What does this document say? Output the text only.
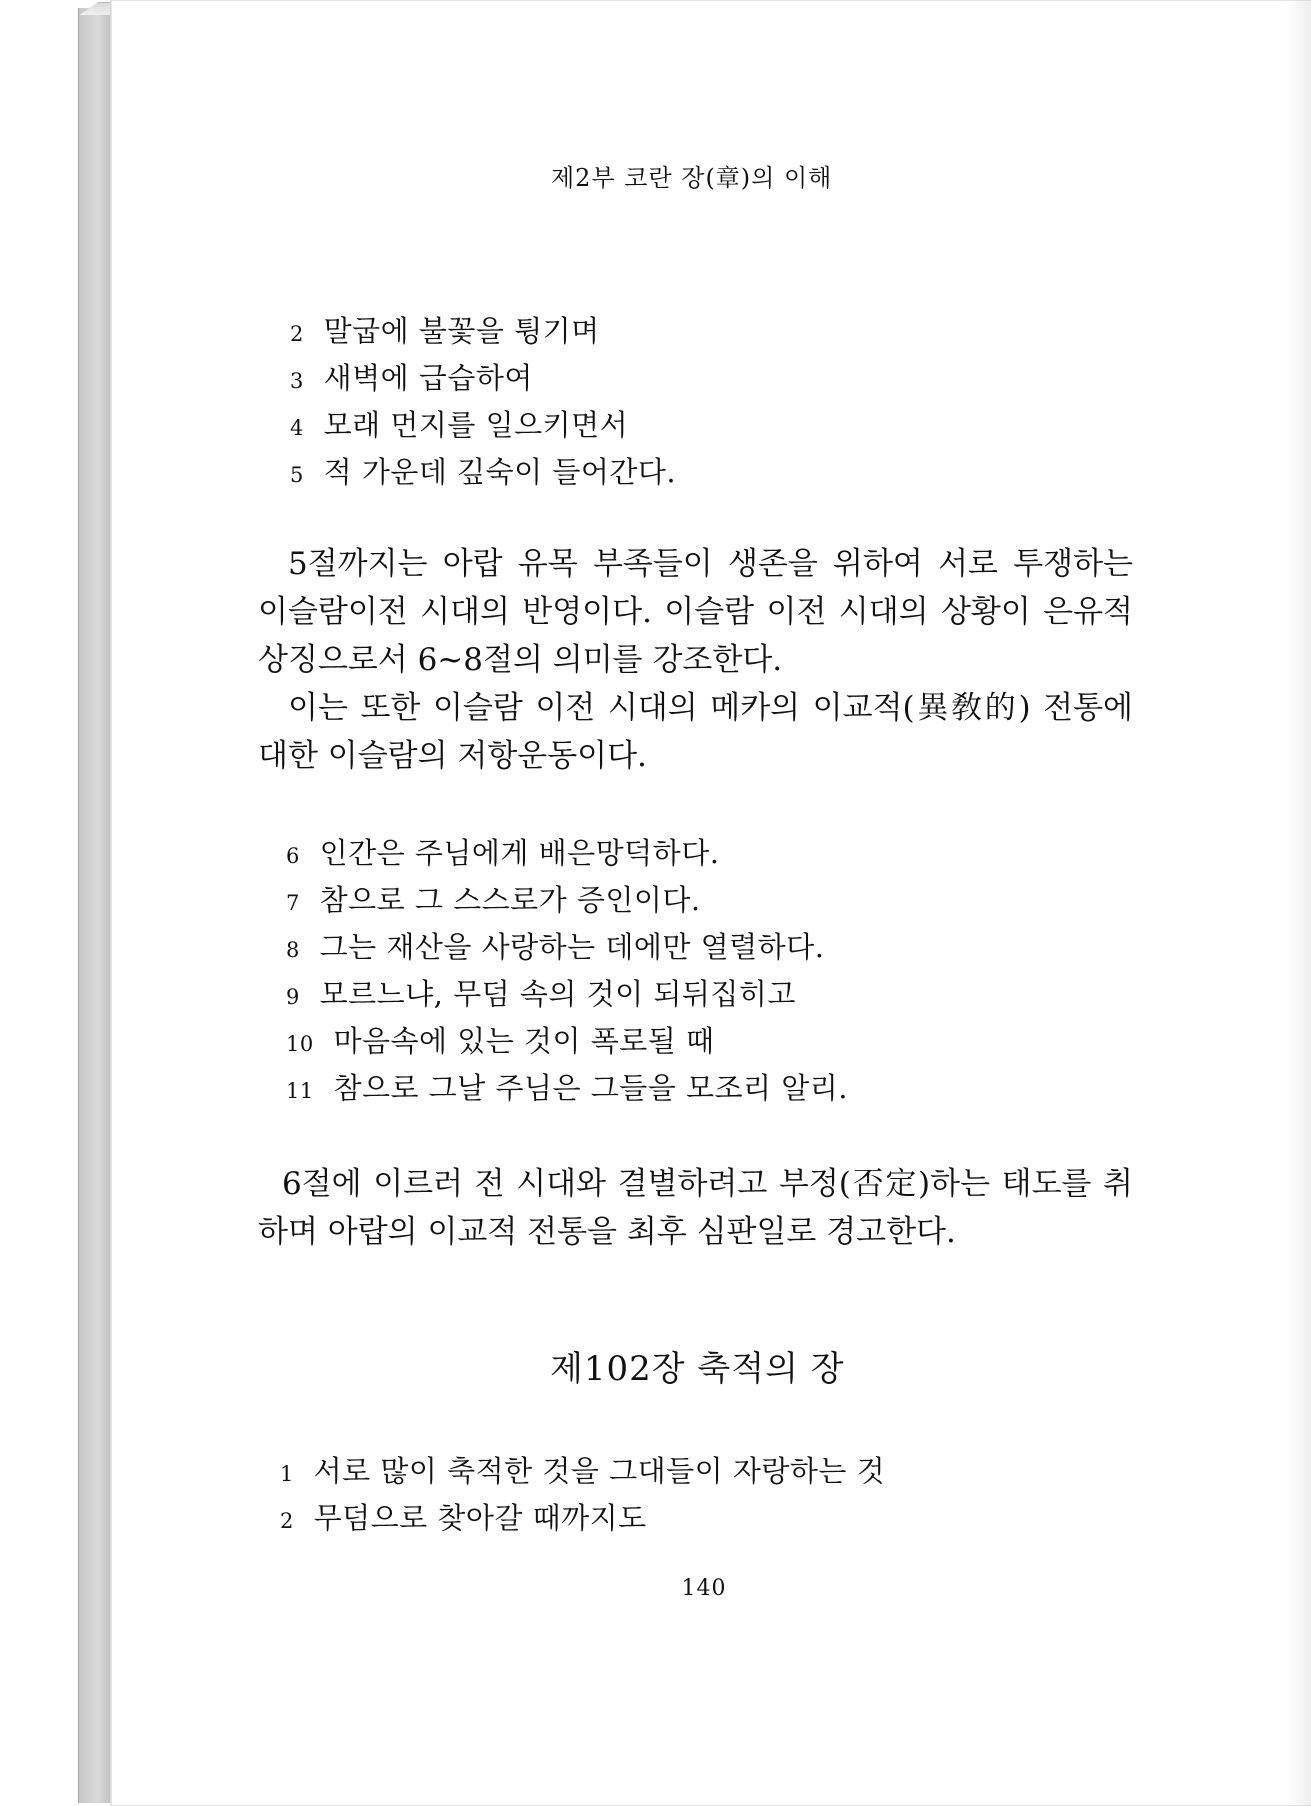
제2부 코란 장(章)의 이해
2 말굽에 불꽃을 튕기며
3 새벽에 급습하여
4 모래 먼지를 일으키면서
5 적 가운데 깊숙이 들어간다.

5절까지는 아랍 유목 부족들이 생존을 위하여 서로 투쟁하는 이슬람이전 시대의 반영이다. 이슬람 이전 시대의 상황이 은유적 상징으로서 6~8절의 의미를 강조한다.

이는 또한 이슬람 이전 시대의 메카의 이교적(異敎的) 전통에 대한 이슬람의 저항운동이다.

6 인간은 주님에게 배은망덕하다.
7 참으로 그 스스로가 증인이다.
8 그는 재산을 사랑하는 데에만 열렬하다.
9 모르느냐, 무덤 속의 것이 되뒤집히고
10 마음속에 있는 것이 폭로될 때
11 참으로 그날 주님은 그들을 모조리 알리.

6절에 이르러 전 시대와 결별하려고 부정(否定)하는 태도를 취하며 아랍의 이교적 전통을 최후 심판일로 경고한다.

제102장 축적의 장
1 서로 많이 축적한 것을 그대들이 자랑하는 것
2 무덤으로 찾아갈 때까지도
140
